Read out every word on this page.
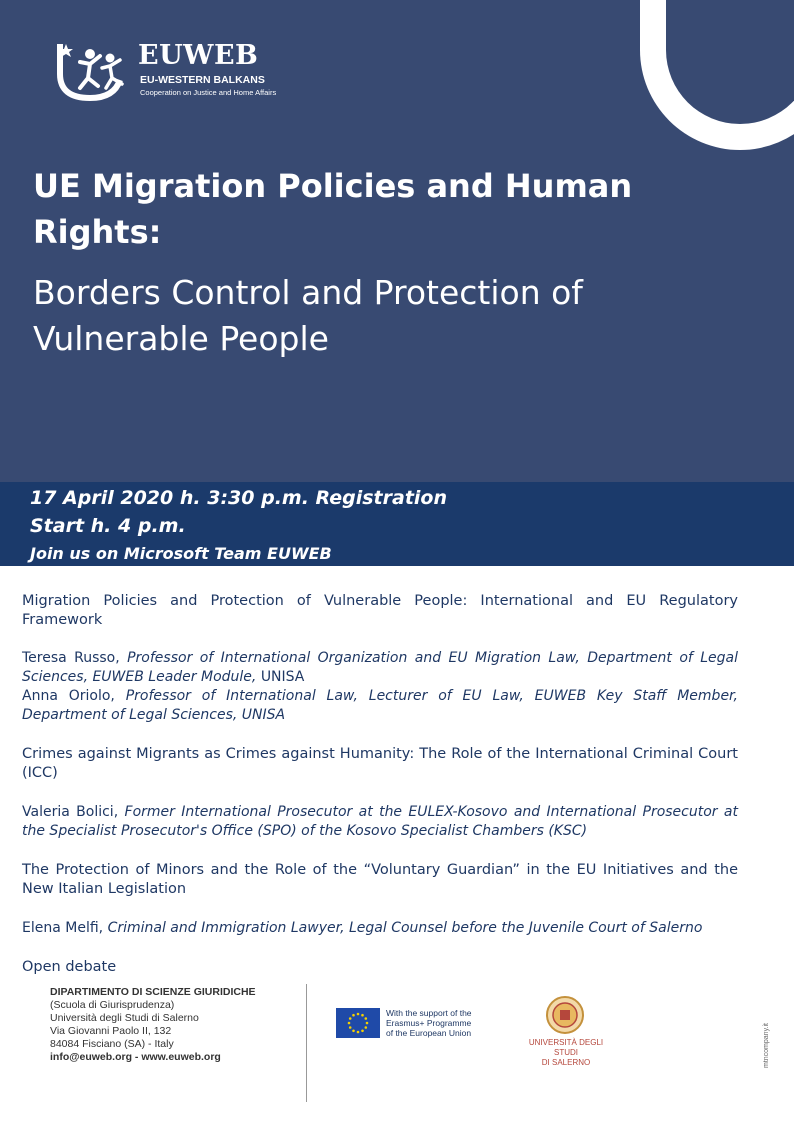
EUWEB
EU-WESTERN BALKANS
Cooperation on Justice and Home Affairs
UE Migration Policies and Human
Rights:
Borders Control and Protection of
Vulnerable People
17 April 2020 h. 3:30 p.m. Registration
Start h. 4 p.m.
Join us on Microsoft Team EUWEB
Migration Policies and Protection of Vulnerable People: International and EU Regulatory Framework
Teresa Russo, Professor of International Organization and EU Migration Law, Department of Legal Sciences, EUWEB Leader Module, UNISA
Anna Oriolo, Professor of International Law, Lecturer of EU Law, EUWEB Key Staff Member, Department of Legal Sciences, UNISA
Crimes against Migrants as Crimes against Humanity: The Role of the International Criminal Court (ICC)
Valeria Bolici, Former International Prosecutor at the EULEX-Kosovo and International Prosecutor at the Specialist Prosecutor's Office (SPO) of the Kosovo Specialist Chambers (KSC)
The Protection of Minors and the Role of the “Voluntary Guardian” in the EU Initiatives and the New Italian Legislation
Elena Melfi, Criminal and Immigration Lawyer, Legal Counsel before the Juvenile Court of Salerno
Open debate
DIPARTIMENTO DI SCIENZE GIURIDICHE
(Scuola di Giurisprudenza)
Università degli Studi di Salerno
Via Giovanni Paolo II, 132
84084 Fisciano (SA) - Italy
info@euweb.org - www.euweb.org
With the support of the
Erasmus+ Programme
of the European Union
UNIVERSITÀ DEGLI STUDI
DI SALERNO	mtncompany.it
